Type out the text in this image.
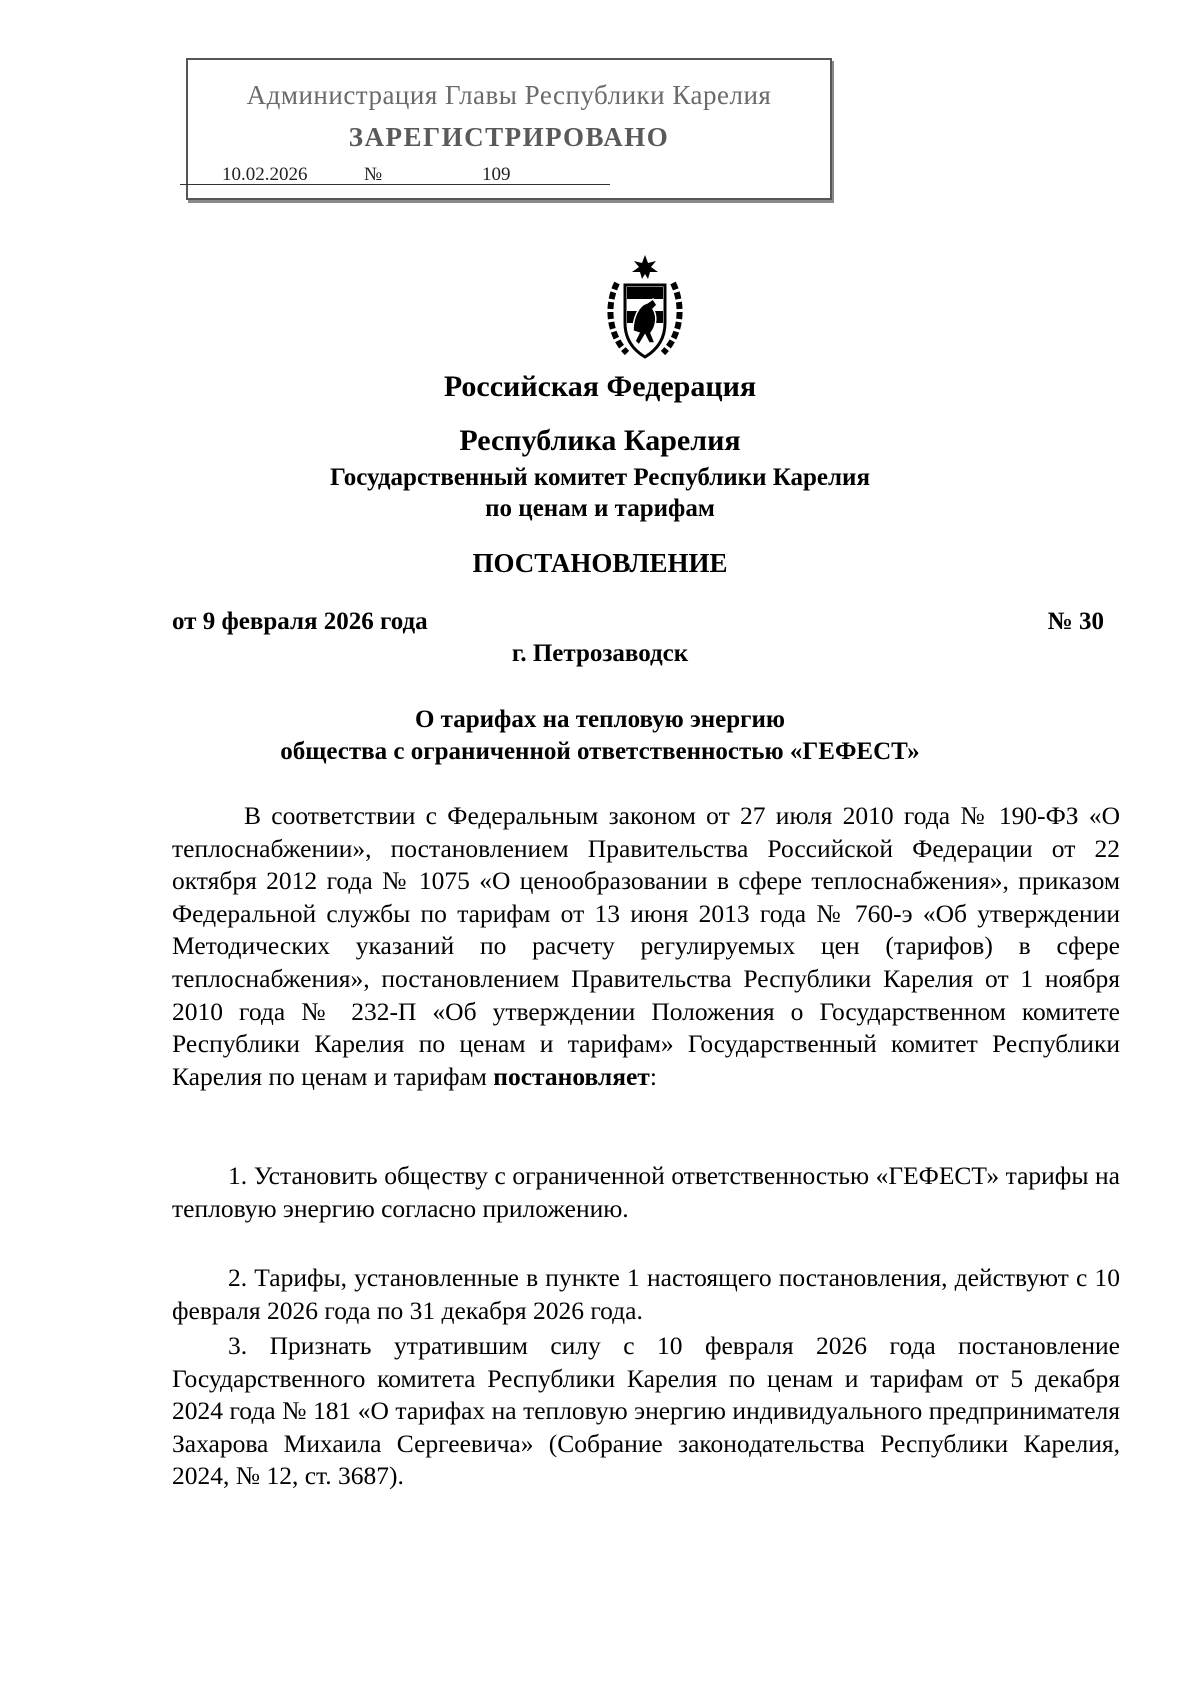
Администрация Главы Республики Карелия
ЗАРЕГИСТРИРОВАНО
10.02.2026	№	109
Российская Федерация
Республика Карелия
Государственный комитет Республики Карелия
по ценам и тарифам
ПОСТАНОВЛЕНИЕ
от 9 февраля 2026 года	№ 30
г. Петрозаводск
О тарифах на тепловую энергию
общества с ограниченной ответственностью «ГЕФЕСТ»
В соответствии с Федеральным законом от 27 июля 2010 года № 190-ФЗ «О теплоснабжении», постановлением Правительства Российской Федерации от 22 октября 2012 года № 1075 «О ценообразовании в сфере теплоснабжения», приказом Федеральной службы по тарифам от 13 июня 2013 года № 760-э «Об утверждении Методических указаний по расчету регулируемых цен (тарифов) в сфере теплоснабжения», постановлением Правительства Республики Карелия от 1 ноября 2010 года № 232-П «Об утверждении Положения о Государственном комитете Республики Карелия по ценам и тарифам» Государственный комитет Республики Карелия по ценам и тарифам постановляет:
1. Установить обществу с ограниченной ответственностью «ГЕФЕСТ» тарифы на тепловую энергию согласно приложению.
2. Тарифы, установленные в пункте 1 настоящего постановления, действуют с 10 февраля 2026 года по 31 декабря 2026 года.
3. Признать утратившим силу с 10 февраля 2026 года постановление Государственного комитета Республики Карелия по ценам и тарифам от 5 декабря 2024 года № 181 «О тарифах на тепловую энергию индивидуального предпринимателя Захарова Михаила Сергеевича» (Собрание законодательства Республики Карелия, 2024, № 12, ст. 3687).
